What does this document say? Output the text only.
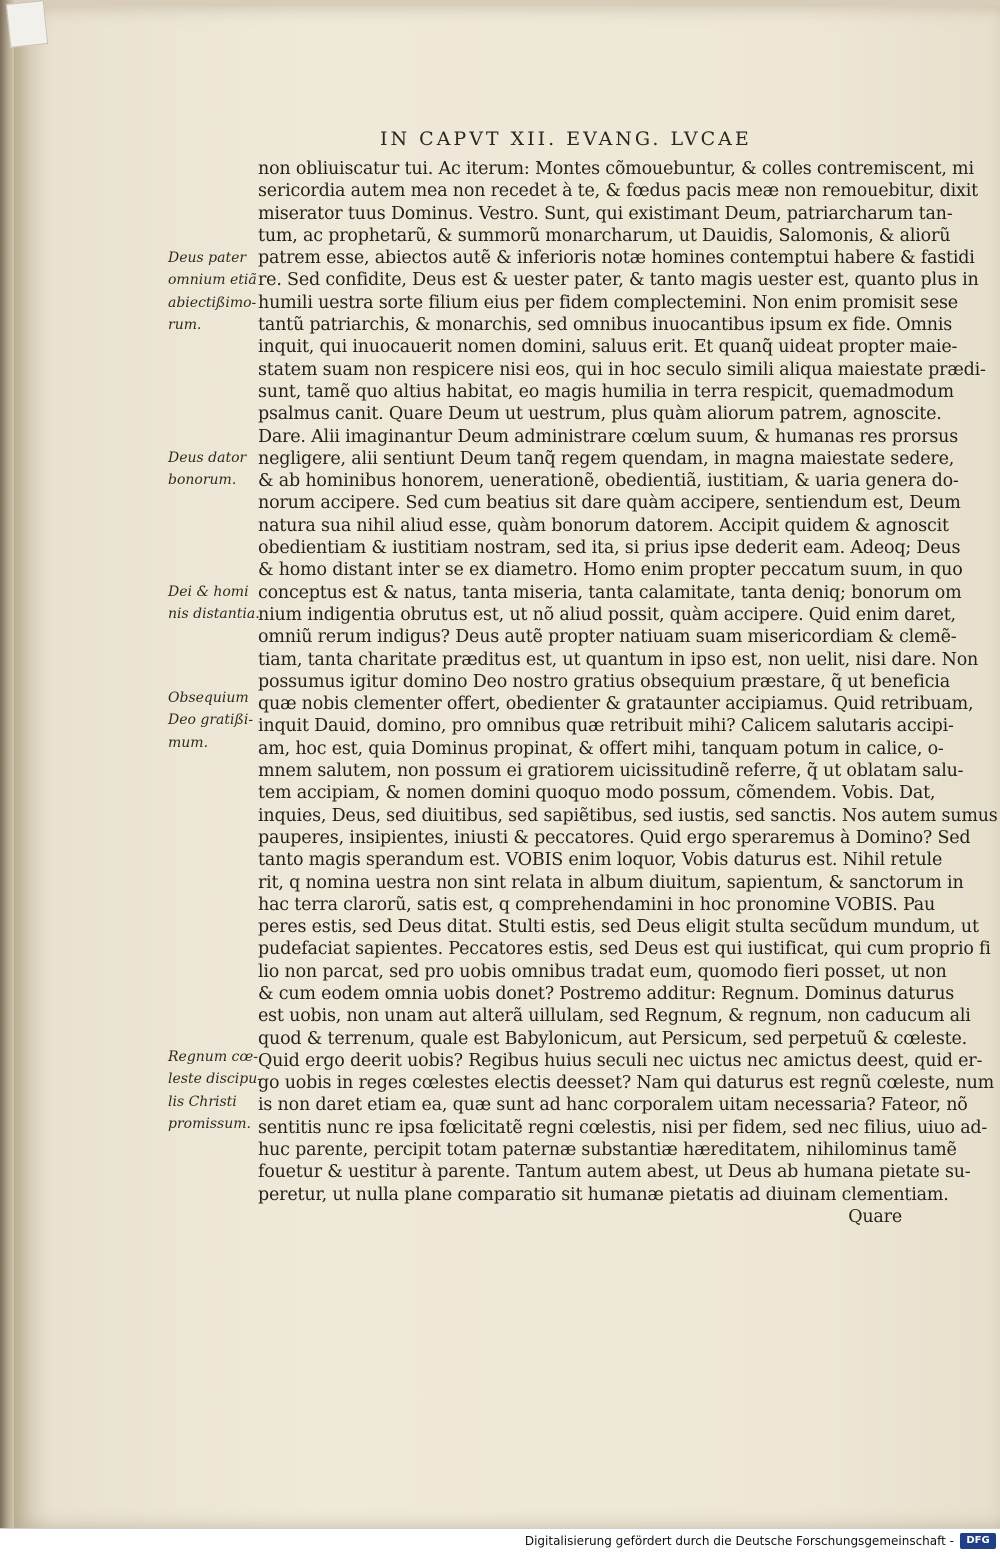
IN CAPVT XII. EVANG. LVCAE
non obliuiscatur tui. Ac iterum: Montes cõmouebuntur, & colles contremiscent, mi
sericordia autem mea non recedet à te, & fœdus pacis meæ non remouebitur, dixit
miserator tuus Dominus. Vestro. Sunt, qui existimant Deum, patriarcharum tan-
tum, ac prophetarũ, & summorũ monarcharum, ut Dauidis, Salomonis, & aliorũ
patrem esse, abiectos autẽ & inferioris notæ homines contemptui habere & fastidi
re. Sed confidite, Deus est & uester pater, & tanto magis uester est, quanto plus in
humili uestra sorte filium eius per fidem complectemini. Non enim promisit sese
tantũ patriarchis, & monarchis, sed omnibus inuocantibus ipsum ex fide. Omnis
inquit, qui inuocauerit nomen domini, saluus erit. Et quanq̃ uideat propter maie-
statem suam non respicere nisi eos, qui in hoc seculo simili aliqua maiestate prædi-
sunt, tamẽ quo altius habitat, eo magis humilia in terra respicit, quemadmodum
psalmus canit. Quare Deum ut uestrum, plus quàm aliorum patrem, agnoscite.
Dare. Alii imaginantur Deum administrare cœlum suum, & humanas res prorsus
negligere, alii sentiunt Deum tanq̃ regem quendam, in magna maiestate sedere,
& ab hominibus honorem, uenerationẽ, obedientiã, iustitiam, & uaria genera do-
norum accipere. Sed cum beatius sit dare quàm accipere, sentiendum est, Deum
natura sua nihil aliud esse, quàm bonorum datorem. Accipit quidem & agnoscit
obedientiam & iustitiam nostram, sed ita, si prius ipse dederit eam. Adeoq; Deus
& homo distant inter se ex diametro. Homo enim propter peccatum suum, in quo
conceptus est & natus, tanta miseria, tanta calamitate, tanta deniq; bonorum om
nium indigentia obrutus est, ut nõ aliud possit, quàm accipere. Quid enim daret,
omniũ rerum indigus? Deus autẽ propter natiuam suam misericordiam & clemẽ-
tiam, tanta charitate præditus est, ut quantum in ipso est, non uelit, nisi dare. Non
possumus igitur domino Deo nostro gratius obsequium præstare, q̃ ut beneficia
quæ nobis clementer offert, obedienter & grataunter accipiamus. Quid retribuam,
inquit Dauid, domino, pro omnibus quæ retribuit mihi? Calicem salutaris accipi-
am, hoc est, quia Dominus propinat, & offert mihi, tanquam potum in calice, o-
mnem salutem, non possum ei gratiorem uicissitudinẽ referre, q̃ ut oblatam salu-
tem accipiam, & nomen domini quoquo modo possum, cõmendem. Vobis. Dat,
inquies, Deus, sed diuitibus, sed sapiẽtibus, sed iustis, sed sanctis. Nos autem sumus
pauperes, insipientes, iniusti & peccatores. Quid ergo speraremus à Domino? Sed
tanto magis sperandum est. VOBIS enim loquor, Vobis daturus est. Nihil retule
rit, q nomina uestra non sint relata in album diuitum, sapientum, & sanctorum in
hac terra clarorũ, satis est, q comprehendamini in hoc pronomine VOBIS. Pau
peres estis, sed Deus ditat. Stulti estis, sed Deus eligit stulta secũdum mundum, ut
pudefaciat sapientes. Peccatores estis, sed Deus est qui iustificat, qui cum proprio fi
lio non parcat, sed pro uobis omnibus tradat eum, quomodo fieri posset, ut non
& cum eodem omnia uobis donet? Postremo additur: Regnum. Dominus daturus
est uobis, non unam aut alterã uillulam, sed Regnum, & regnum, non caducum ali
quod & terrenum, quale est Babylonicum, aut Persicum, sed perpetuũ & cœleste.
Quid ergo deerit uobis? Regibus huius seculi nec uictus nec amictus deest, quid er-
go uobis in reges cœlestes electis deesset? Nam qui daturus est regnũ cœleste, num
is non daret etiam ea, quæ sunt ad hanc corporalem uitam necessaria? Fateor, nõ
sentitis nunc re ipsa fœlicitatẽ regni cœlestis, nisi per fidem, sed nec filius, uiuo ad-
huc parente, percipit totam paternæ substantiæ hæreditatem, nihilominus tamẽ
fouetur & uestitur à parente. Tantum autem abest, ut Deus ab humana pietate su-
peretur, ut nulla plane comparatio sit humanæ pietatis ad diuinam clementiam.
Quare
Deus pater
omnium etiã
abiectißimo-
rum.
Deus dator
bonorum.
Dei & homi
nis distantia.
Obsequium
Deo gratißi-
mum.
Regnum cœ-
leste discipu-
lis Christi
promissum.
Digitalisierung gefördert durch die Deutsche Forschungsgemeinschaft -	DFG
